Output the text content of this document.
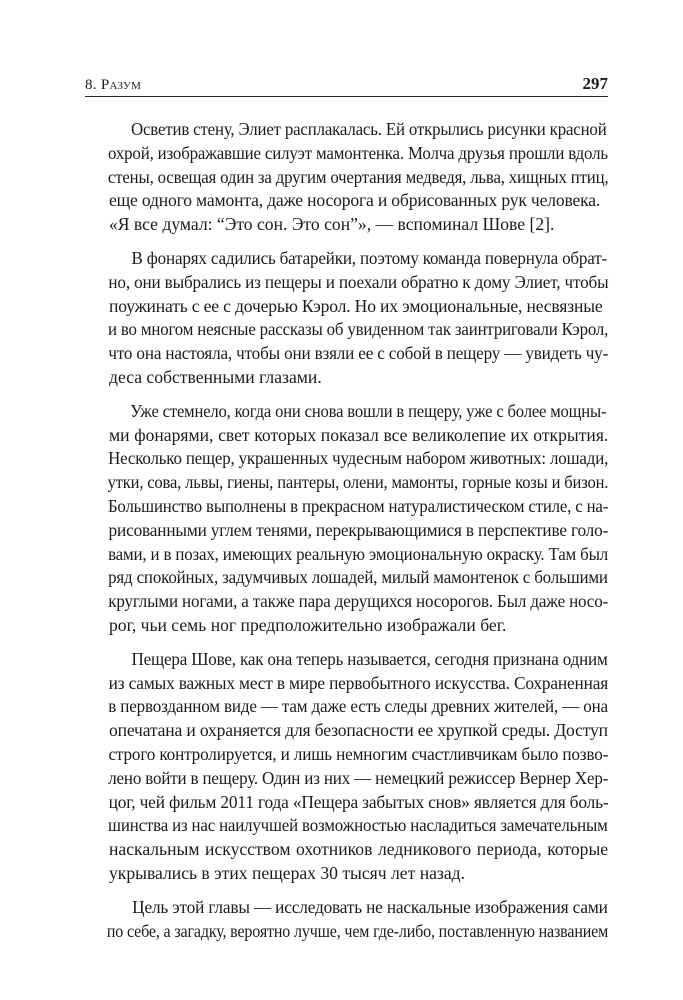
8. Разум	297

Осветив стену, Элиет расплакалась. Ей открылись рисунки красной
охрой, изображавшие силуэт мамонтенка. Молча друзья прошли вдоль
стены, освещая один за другим очертания медведя, льва, хищных птиц,
еще одного мамонта, даже носорога и обрисованных рук человека.
«Я все думал: “Это сон. Это сон”», — вспоминал Шове [2].

В фонарях садились батарейки, поэтому команда повернула обрат-
но, они выбрались из пещеры и поехали обратно к дому Элиет, чтобы
поужинать с ее с дочерью Кэрол. Но их эмоциональные, несвязные
и во многом неясные рассказы об увиденном так заинтриговали Кэрол,
что она настояла, чтобы они взяли ее с собой в пещеру — увидеть чу-
деса собственными глазами.

Уже стемнело, когда они снова вошли в пещеру, уже с более мощны-
ми фонарями, свет которых показал все великолепие их открытия.
Несколько пещер, украшенных чудесным набором животных: лошади,
утки, сова, львы, гиены, пантеры, олени, мамонты, горные козы и бизон.
Большинство выполнены в прекрасном натуралистическом стиле, с на-
рисованными углем тенями, перекрывающимися в перспективе голо-
вами, и в позах, имеющих реальную эмоциональную окраску. Там был
ряд спокойных, задумчивых лошадей, милый мамонтенок с большими
круглыми ногами, а также пара дерущихся носорогов. Был даже носо-
рог, чьи семь ног предположительно изображали бег.

Пещера Шове, как она теперь называется, сегодня признана одним
из самых важных мест в мире первобытного искусства. Сохраненная
в первозданном виде — там даже есть следы древних жителей, — она
опечатана и охраняется для безопасности ее хрупкой среды. Доступ
строго контролируется, и лишь немногим счастливчикам было позво-
лено войти в пещеру. Один из них — немецкий режиссер Вернер Хер-
цог, чей фильм 2011 года «Пещера забытых снов» является для боль-
шинства из нас наилучшей возможностью насладиться замечательным
наскальным искусством охотников ледникового периода, которые
укрывались в этих пещерах 30 тысяч лет назад.

Цель этой главы — исследовать не наскальные изображения сами
по себе, а загадку, вероятно лучше, чем где-либо, поставленную названием
